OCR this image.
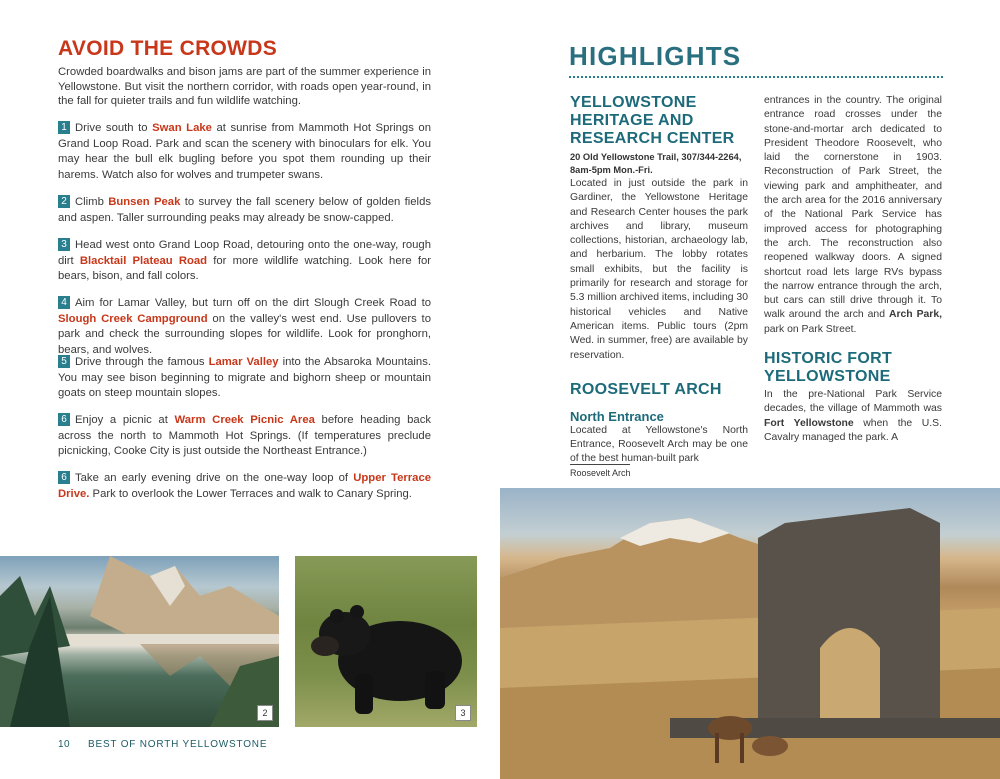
AVOID THE CROWDS
Crowded boardwalks and bison jams are part of the summer experience in Yellowstone. But visit the northern corridor, with roads open year-round, in the fall for quieter trails and fun wildlife watching.
1 Drive south to Swan Lake at sunrise from Mammoth Hot Springs on Grand Loop Road. Park and scan the scenery with binoculars for elk. You may hear the bull elk bugling before you spot them rounding up their harems. Watch also for wolves and trumpeter swans.
2 Climb Bunsen Peak to survey the fall scenery below of golden fields and aspen. Taller surrounding peaks may already be snow-capped.
3 Head west onto Grand Loop Road, detouring onto the one-way, rough dirt Blacktail Plateau Road for more wildlife watching. Look here for bears, bison, and fall colors.
4 Aim for Lamar Valley, but turn off on the dirt Slough Creek Road to Slough Creek Campground on the valley's west end. Use pullovers to park and check the surrounding slopes for wildlife. Look for pronghorn, bears, and wolves.
5 Drive through the famous Lamar Valley into the Absaroka Mountains. You may see bison beginning to migrate and bighorn sheep or mountain goats on steep mountain slopes.
6 Enjoy a picnic at Warm Creek Picnic Area before heading back across the north to Mammoth Hot Springs. (If temperatures preclude picnicking, Cooke City is just outside the Northeast Entrance.)
6 Take an early evening drive on the one-way loop of Upper Terrace Drive. Park to overlook the Lower Terraces and walk to Canary Spring.
2	3
10 BEST OF NORTH YELLOWSTONE
HIGHLIGHTS
YELLOWSTONE HERITAGE AND RESEARCH CENTER
20 Old Yellowstone Trail, 307/344-2264, 8am-5pm Mon.-Fri.
Located in just outside the park in Gardiner, the Yellowstone Heritage and Research Center houses the park archives and library, museum collections, historian, archaeology lab, and herbarium. The lobby rotates small exhibits, but the facility is primarily for research and storage for 5.3 million archived items, including 30 historical vehicles and Native American items. Public tours (2pm Wed. in summer, free) are available by reservation.
ROOSEVELT ARCH
North Entrance
Located at Yellowstone's North Entrance, Roosevelt Arch may be one of the best human-built park
entrances in the country. The original entrance road crosses under the stone-and-mortar arch dedicated to President Theodore Roosevelt, who laid the cornerstone in 1903. Reconstruction of Park Street, the viewing park and amphitheater, and the arch area for the 2016 anniversary of the National Park Service has improved access for photographing the arch. The reconstruction also reopened walkway doors. A signed shortcut road lets large RVs bypass the narrow entrance through the arch, but cars can still drive through it. To walk around the arch and Arch Park, park on Park Street.
HISTORIC FORT YELLOWSTONE
In the pre-National Park Service decades, the village of Mammoth was Fort Yellowstone when the U.S. Cavalry managed the park. A
Roosevelt Arch
